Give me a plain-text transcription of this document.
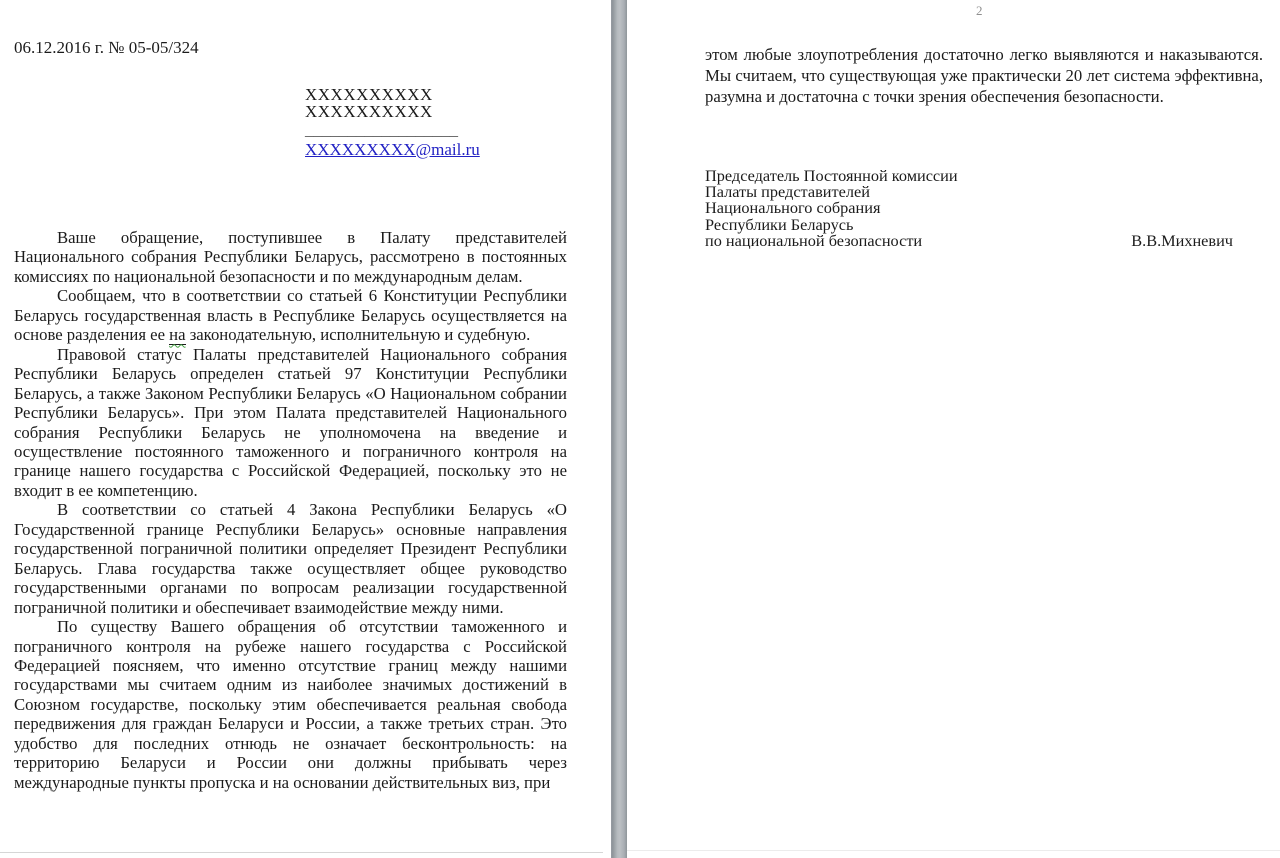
06.12.2016 г. № 05-05/324
ХХХХХХХХХХ
ХХХХХХХХХХ
__________________
ХХХХХХХХХ@mail.ru

Ваше обращение, поступившее в Палату представителей Национального собрания Республики Беларусь, рассмотрено в постоянных комиссиях по национальной безопасности и по международным делам.

Сообщаем, что в соответствии со статьей 6 Конституции Республики Беларусь государственная власть в Республике Беларусь осуществляется на основе разделения ее на законодательную, исполнительную и судебную.

Правовой статус Палаты представителей Национального собрания Республики Беларусь определен статьей 97 Конституции Республики Беларусь, а также Законом Республики Беларусь «О Национальном собрании Республики Беларусь». При этом Палата представителей Национального собрания Республики Беларусь не уполномочена на введение и осуществление постоянного таможенного и пограничного контроля на границе нашего государства с Российской Федерацией, поскольку это не входит в ее компетенцию.

В соответствии со статьей 4 Закона Республики Беларусь «О Государственной границе Республики Беларусь» основные направления государственной пограничной политики определяет Президент Республики Беларусь. Глава государства также осуществляет общее руководство государственными органами по вопросам реализации государственной пограничной политики и обеспечивает взаимодействие между ними.

По существу Вашего обращения об отсутствии таможенного и пограничного контроля на рубеже нашего государства с Российской Федерацией поясняем, что именно отсутствие границ между нашими государствами мы считаем одним из наиболее значимых достижений в Союзном государстве, поскольку этим обеспечивается реальная свобода передвижения для граждан Беларуси и России, а также третьих стран. Это удобство для последних отнюдь не означает бесконтрольность: на территорию Беларуси и России они должны прибывать через международные пункты пропуска и на основании действительных виз, при

2

этом любые злоупотребления достаточно легко выявляются и наказываются. Мы считаем, что существующая уже практически 20 лет система эффективна, разумна и достаточна с точки зрения обеспечения безопасности.

Председатель Постоянной комиссии
Палаты представителей
Национального собрания
Республики Беларусь
по национальной безопасности	В.В.Михневич
